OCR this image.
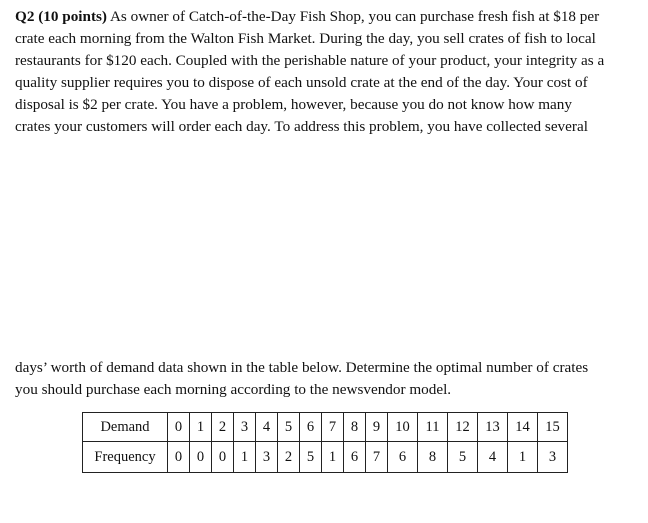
Q2 (10 points) As owner of Catch-of-the-Day Fish Shop, you can purchase fresh fish at $18 per
crate each morning from the Walton Fish Market. During the day, you sell crates of fish to local
restaurants for $120 each. Coupled with the perishable nature of your product, your integrity as a
quality supplier requires you to dispose of each unsold crate at the end of the day. Your cost of
disposal is $2 per crate. You have a problem, however, because you do not know how many
crates your customers will order each day. To address this problem, you have collected several
days’ worth of demand data shown in the table below. Determine the optimal number of crates
you should purchase each morning according to the newsvendor model.
Demand	0	1	2	3	4	5	6	7	8	9	10	11	12	13	14	15
Frequency	0	0	0	1	3	2	5	1	6	7	6	8	5	4	1	3
